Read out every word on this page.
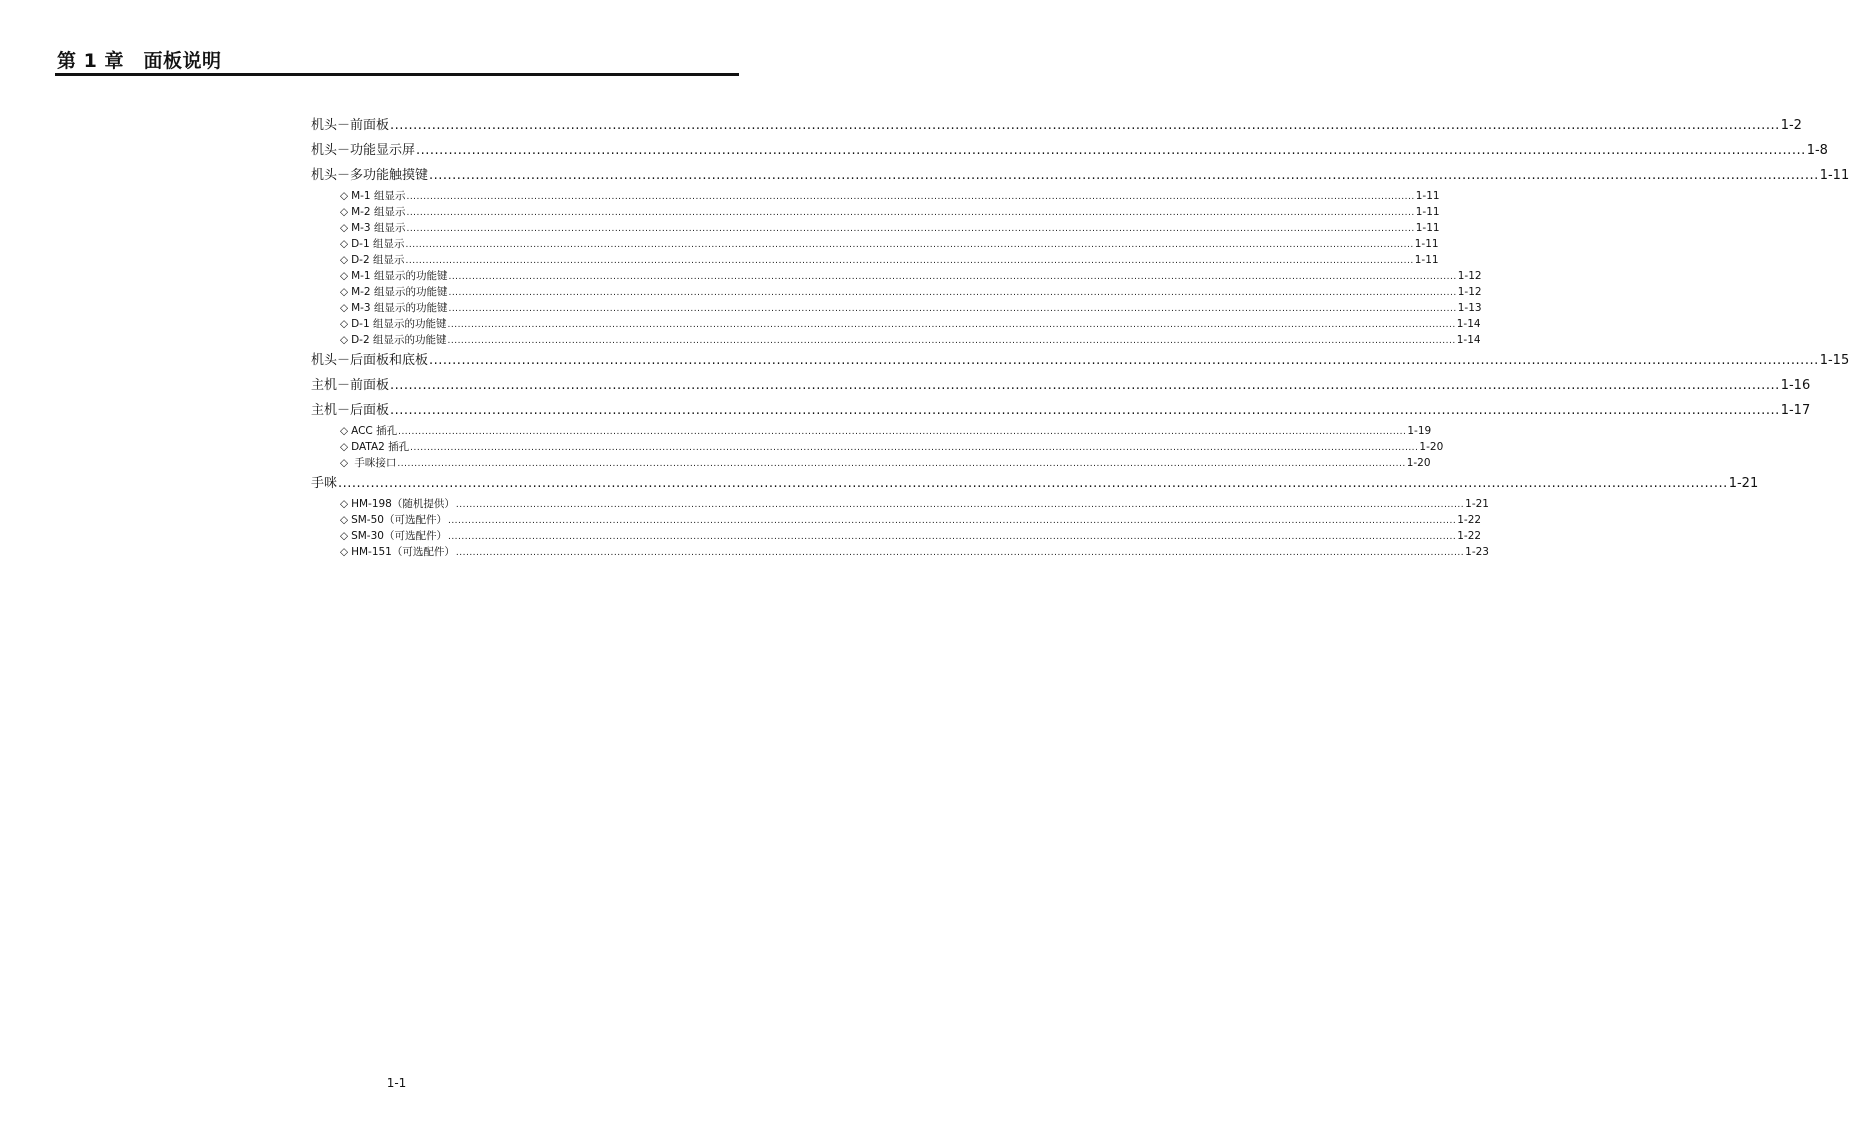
第 1 章　面板说明
机头－前面板 ............................................................................................................................................................................................................................................................................................................ 1-2
机头－功能显示屏 ............................................................................................................................................................................................................................................................................................................ 1-8
机头－多功能触摸键 ............................................................................................................................................................................................................................................................................................................ 1-11
◇ M-1 组显示 ............................................................................................................................................................................................................................................................................................................ 1-11
◇ M-2 组显示 ............................................................................................................................................................................................................................................................................................................ 1-11
◇ M-3 组显示 ............................................................................................................................................................................................................................................................................................................ 1-11
◇ D-1 组显示 ............................................................................................................................................................................................................................................................................................................ 1-11
◇ D-2 组显示 ............................................................................................................................................................................................................................................................................................................ 1-11
◇ M-1 组显示的功能键 ............................................................................................................................................................................................................................................................................................................ 1-12
◇ M-2 组显示的功能键 ............................................................................................................................................................................................................................................................................................................ 1-12
◇ M-3 组显示的功能键 ............................................................................................................................................................................................................................................................................................................ 1-13
◇ D-1 组显示的功能键 ............................................................................................................................................................................................................................................................................................................ 1-14
◇ D-2 组显示的功能键 ............................................................................................................................................................................................................................................................................................................ 1-14
机头－后面板和底板 ............................................................................................................................................................................................................................................................................................................ 1-15
主机－前面板 ............................................................................................................................................................................................................................................................................................................ 1-16
主机－后面板 ............................................................................................................................................................................................................................................................................................................ 1-17
◇ ACC 插孔 ............................................................................................................................................................................................................................................................................................................ 1-19
◇ DATA2 插孔 ............................................................................................................................................................................................................................................................................................................ 1-20
◇ 手咪接口 ............................................................................................................................................................................................................................................................................................................ 1-20
手咪 ............................................................................................................................................................................................................................................................................................................ 1-21
◇ HM-198（随机提供） ............................................................................................................................................................................................................................................................................................................ 1-21
◇ SM-50（可选配件） ............................................................................................................................................................................................................................................................................................................ 1-22
◇ SM-30（可选配件） ............................................................................................................................................................................................................................................................................................................ 1-22
◇ HM-151（可选配件） ............................................................................................................................................................................................................................................................................................................ 1-23
1-1
